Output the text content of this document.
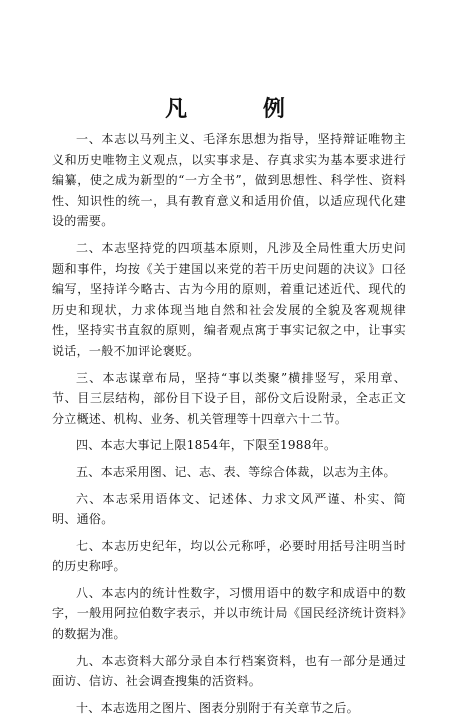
凡 例

一、本志以马列主义、毛泽东思想为指导，坚持辩证唯物主义和历史唯物主义观点，以实事求是、存真求实为基本要求进行编纂，使之成为新型的“一方全书”，做到思想性、科学性、资料性、知识性的统一，具有教育意义和适用价值，以适应现代化建设的需要。

二、本志坚持党的四项基本原则，凡涉及全局性重大历史问题和事件，均按《关于建国以来党的若干历史问题的决议》口径编写，坚持详今略古、古为今用的原则，着重记述近代、现代的历史和现状，力求体现当地自然和社会发展的全貌及客观规律性，坚持实书直叙的原则，编者观点寓于事实记叙之中，让事实说话，一般不加评论褒贬。

三、本志谋章布局，坚持“事以类聚”横排竖写，采用章、节、目三层结构，部份目下设子目，部份文后设附录，全志正文分立概述、机构、业务、机关管理等十四章六十二节。

四、本志大事记上限1854年，下限至1988年。

五、本志采用图、记、志、表、等综合体裁，以志为主体。

六、本志采用语体文、记述体、力求文风严谨、朴实、简明、通俗。

七、本志历史纪年，均以公元称呼，必要时用括号注明当时的历史称呼。

八、本志内的统计性数字，习惯用语中的数字和成语中的数字，一般用阿拉伯数字表示，并以市统计局《国民经济统计资料》的数据为准。

九、本志资料大部分录自本行档案资料，也有一部分是通过面访、信访、社会调查搜集的活资料。

十、本志选用之图片、图表分别附于有关章节之后。
